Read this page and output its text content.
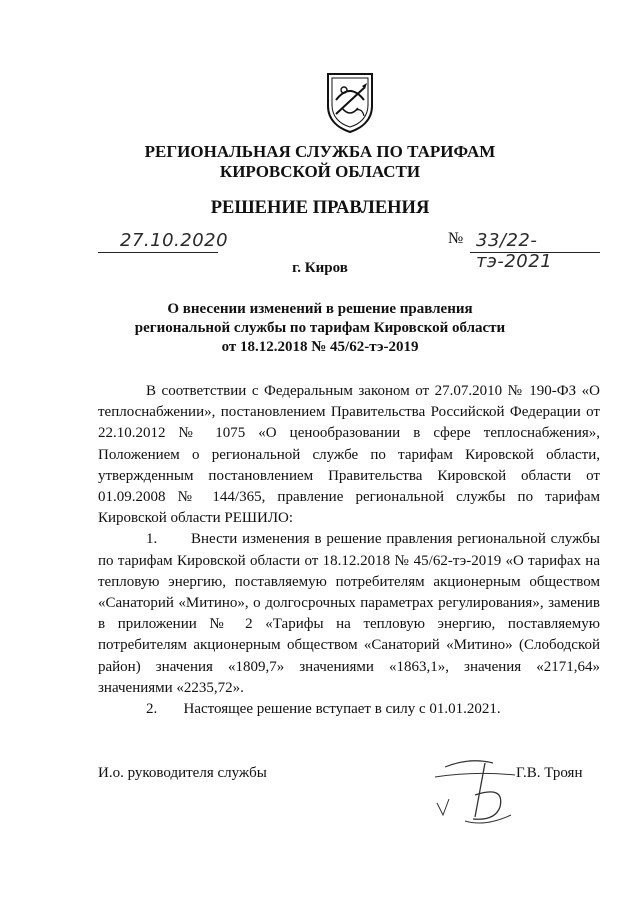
РЕГИОНАЛЬНАЯ СЛУЖБА ПО ТАРИФАМ
КИРОВСКОЙ ОБЛАСТИ
РЕШЕНИЕ ПРАВЛЕНИЯ
27.10.2020	№ 33/22-тэ-2021
г. Киров
О внесении изменений в решение правления
региональной службы по тарифам Кировской области
от 18.12.2018 № 45/62-тэ-2019

В соответствии с Федеральным законом от 27.07.2010 № 190-ФЗ «О теплоснабжении», постановлением Правительства Российской Федерации от 22.10.2012 № 1075 «О ценообразовании в сфере теплоснабжения», Положением о региональной службе по тарифам Кировской области, утвержденным постановлением Правительства Кировской области от 01.09.2008 № 144/365, правление региональной службы по тарифам Кировской области РЕШИЛО:

1.       Внести изменения в решение правления региональной службы по тарифам Кировской области от 18.12.2018 № 45/62-тэ-2019 «О тарифах на тепловую энергию, поставляемую потребителям акционерным обществом «Санаторий «Митино», о долгосрочных параметрах регулирования», заменив в приложении № 2 «Тарифы на тепловую энергию, поставляемую потребителям акционерным обществом «Санаторий «Митино» (Слободской район) значения «1809,7» значениями «1863,1», значения «2171,64» значениями «2235,72».

2.       Настоящее решение вступает в силу с 01.01.2021.

И.о. руководителя службы	Г.В. Троян
